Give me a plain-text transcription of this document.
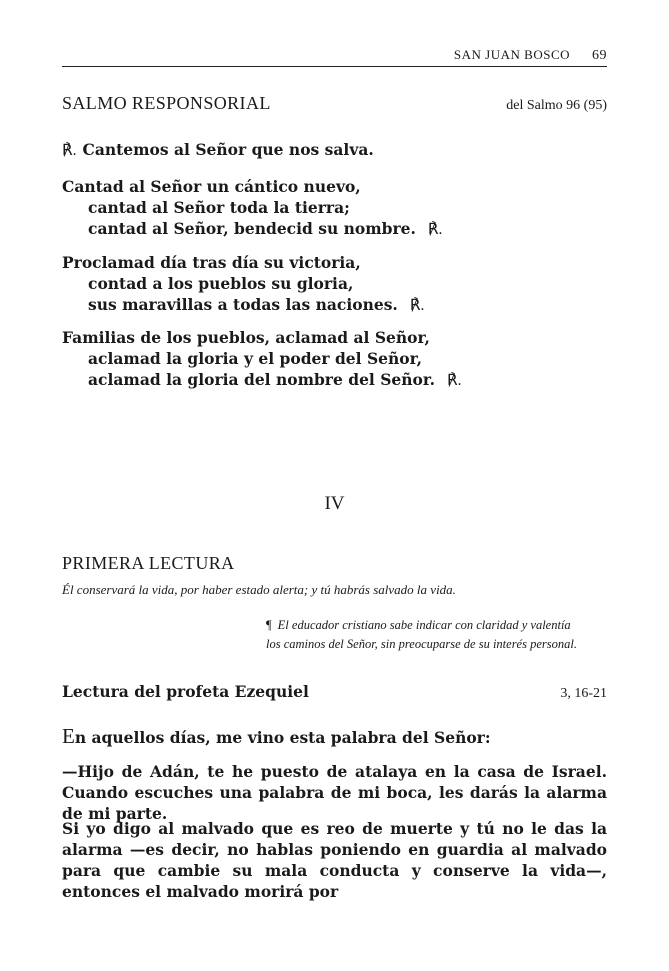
SAN JUAN BOSCO 69
SALMO RESPONSORIAL	del Salmo 96 (95)
℟. Cantemos al Señor que nos salva.
Cantad al Señor un cántico nuevo,
cantad al Señor toda la tierra;
cantad al Señor, bendecid su nombre. ℟.
Proclamad día tras día su victoria,
contad a los pueblos su gloria,
sus maravillas a todas las naciones. ℟.
Familias de los pueblos, aclamad al Señor,
aclamad la gloria y el poder del Señor,
aclamad la gloria del nombre del Señor. ℟.
IV
PRIMERA LECTURA
Él conservará la vida, por haber estado alerta; y tú habrás salvado la vida.
¶ El educador cristiano sabe indicar con claridad y valentía
los caminos del Señor, sin preocuparse de su interés personal.
Lectura del profeta Ezequiel	3, 16-21
En aquellos días, me vino esta palabra del Señor:
—Hijo de Adán, te he puesto de atalaya en la casa de Israel. Cuando escuches una palabra de mi boca, les darás la alarma de mi parte.
Si yo digo al malvado que es reo de muerte y tú no le das la alarma —es decir, no hablas poniendo en guardia al malvado para que cambie su mala conducta y conserve la vida—, entonces el malvado morirá por
